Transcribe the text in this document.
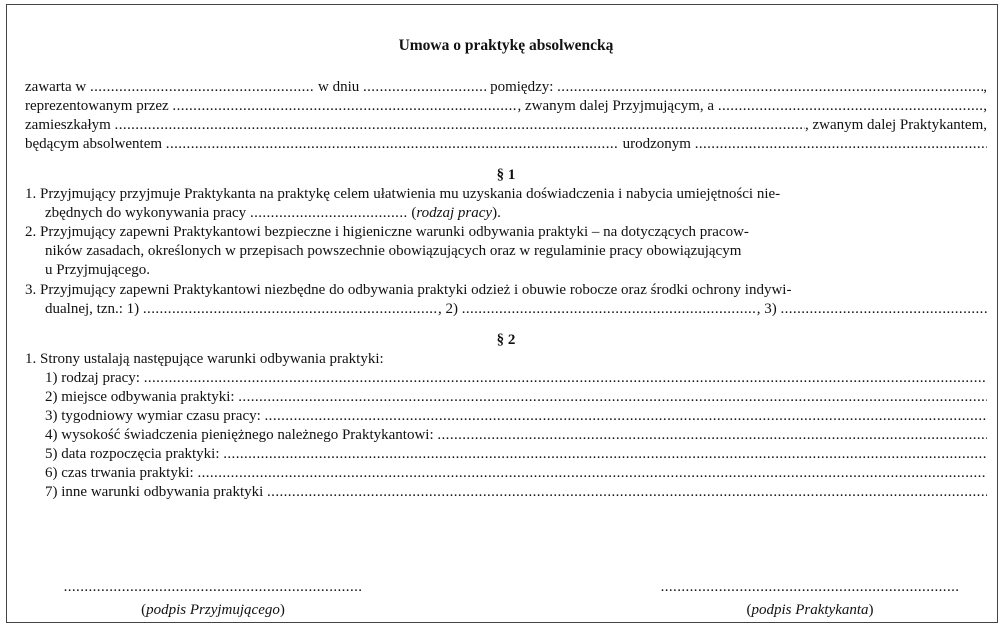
Umowa o praktykę absolwencką
zawarta w
.....
	w dniu
.....
	pomiędzy:
.....	,
reprezentowanym przez
.....	, zwanym dalej Przyjmującym, a
.....	,
zamieszkałym
.....	, zwanym dalej Praktykantem,
będącym absolwentem
.....
	urodzonym

.....
§ 1
1. Przyjmujący przyjmuje Praktykanta na praktykę celem ułatwienia mu uzyskania doświadczenia i nabycia umiejętności nie-
zbędnych do wykonywania pracy ...................................... (rodzaj pracy).
2. Przyjmujący zapewni Praktykantowi bezpieczne i higieniczne warunki odbywania praktyki – na dotyczących pracow-
ników zasadach, określonych w przepisach powszechnie obowiązujących oraz w regulaminie pracy obowiązującym
u Przyjmującego.
3. Przyjmujący zapewni Praktykantowi niezbędne do odbywania praktyki odzież i obuwie robocze oraz środki ochrony indywi-
dualnej, tzn.: 1)
.....	, 2)
.....	, 3)

.....
§ 2
1. Strony ustalają następujące warunki odbywania praktyki:
1) rodzaj pracy:

.....
2) miejsce odbywania praktyki:

.....
3) tygodniowy wymiar czasu pracy:

.....
4) wysokość świadczenia pieniężnego należnego Praktykantowi:

.....
5) data rozpoczęcia praktyki:

.....
6) czas trwania praktyki:

.....
7) inne warunki odbywania praktyki

.....
........................................................................
(podpis Przyjmującego)
........................................................................
(podpis Praktykanta)
